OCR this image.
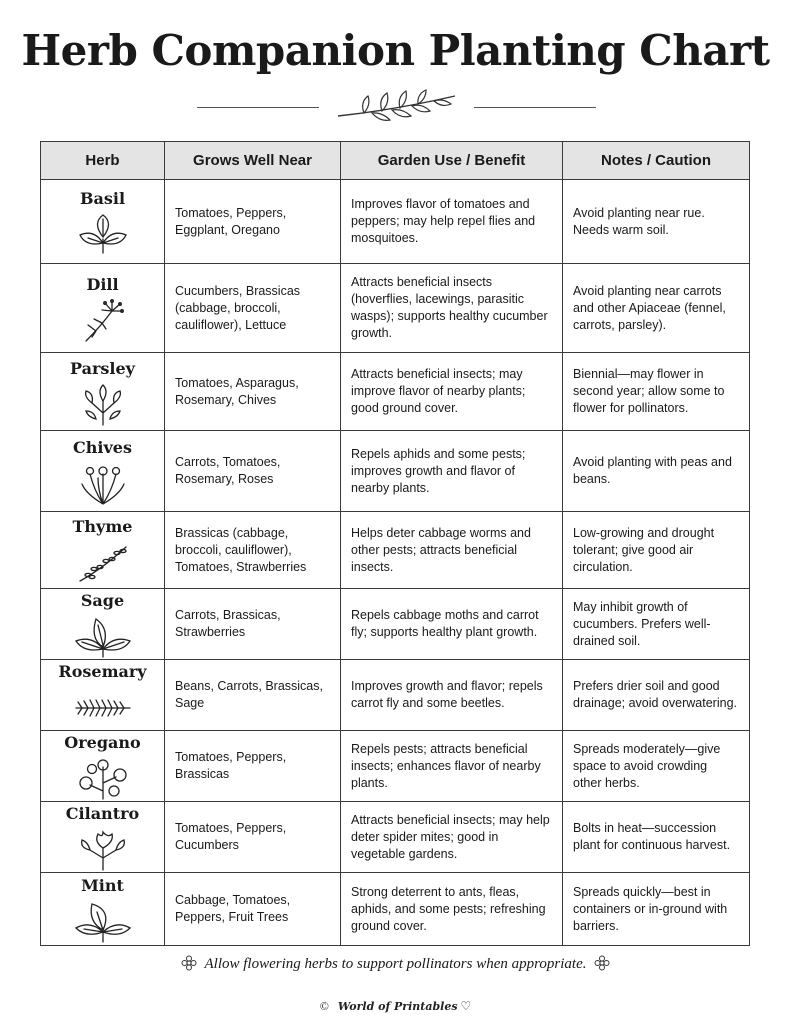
Herb Companion Planting Chart
Herb	Grows Well Near	Garden Use / Benefit	Notes / Caution

Basil	Tomatoes, Peppers, Eggplant, Oregano	Improves flavor of tomatoes and peppers; may help repel flies and mosquitoes.	Avoid planting near rue. Needs warm soil.

Dill	Cucumbers, Brassicas (cabbage, broccoli, cauliflower), Lettuce	Attracts beneficial insects (hoverflies, lacewings, parasitic wasps); supports healthy cucumber growth.	Avoid planting near carrots and other Apiaceae (fennel, carrots, parsley).

Parsley	Tomatoes, Asparagus, Rosemary, Chives	Attracts beneficial insects; may improve flavor of nearby plants; good ground cover.	Biennial—may flower in second year; allow some to flower for pollinators.

Chives	Carrots, Tomatoes, Rosemary, Roses	Repels aphids and some pests; improves growth and flavor of nearby plants.	Avoid planting with peas and beans.

Thyme	Brassicas (cabbage, broccoli, cauliflower), Tomatoes, Strawberries	Helps deter cabbage worms and other pests; attracts beneficial insects.	Low-growing and drought tolerant; give good air circulation.

Sage	Carrots, Brassicas, Strawberries	Repels cabbage moths and carrot fly; supports healthy plant growth.	May inhibit growth of cucumbers. Prefers well-drained soil.

Rosemary	Beans, Carrots, Brassicas, Sage	Improves growth and flavor; repels carrot fly and some beetles.	Prefers drier soil and good drainage; avoid overwatering.

Oregano	Tomatoes, Peppers, Brassicas	Repels pests; attracts beneficial insects; enhances flavor of nearby plants.	Spreads moderately—give space to avoid crowding other herbs.

Cilantro	Tomatoes, Peppers, Cucumbers	Attracts beneficial insects; may help deter spider mites; good in vegetable gardens.	Bolts in heat—succession plant for continuous harvest.

Mint	Cabbage, Tomatoes, Peppers, Fruit Trees	Strong deterrent to ants, fleas, aphids, and some pests; refreshing ground cover.	Spreads quickly—best in containers or in-ground with barriers.
Allow flowering herbs to support pollinators when appropriate.
© World of Printables ♡
